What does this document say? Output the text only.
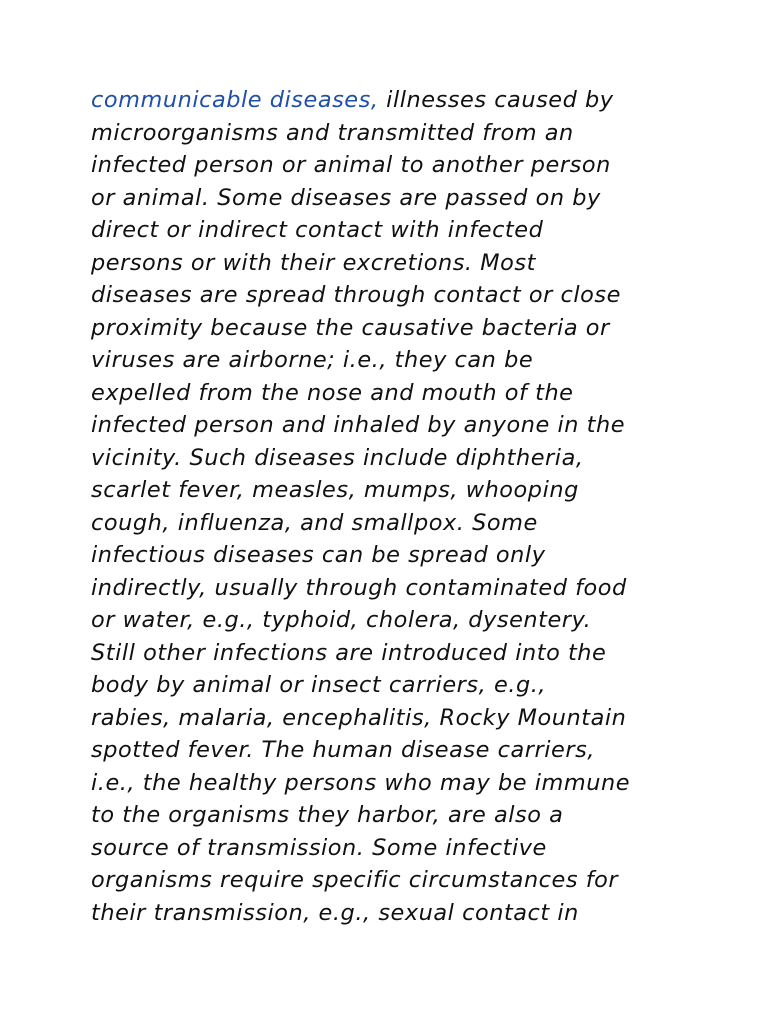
communicable diseases, illnesses caused by
microorganisms and transmitted from an
infected person or animal to another person
or animal. Some diseases are passed on by
direct or indirect contact with infected
persons or with their excretions. Most
diseases are spread through contact or close
proximity because the causative bacteria or
viruses are airborne; i.e., they can be
expelled from the nose and mouth of the
infected person and inhaled by anyone in the
vicinity. Such diseases include diphtheria,
scarlet fever, measles, mumps, whooping
cough, influenza, and smallpox. Some
infectious diseases can be spread only
indirectly, usually through contaminated food
or water, e.g., typhoid, cholera, dysentery.
Still other infections are introduced into the
body by animal or insect carriers, e.g.,
rabies, malaria, encephalitis, Rocky Mountain
spotted fever. The human disease carriers,
i.e., the healthy persons who may be immune
to the organisms they harbor, are also a
source of transmission. Some infective
organisms require specific circumstances for
their transmission, e.g., sexual contact in
